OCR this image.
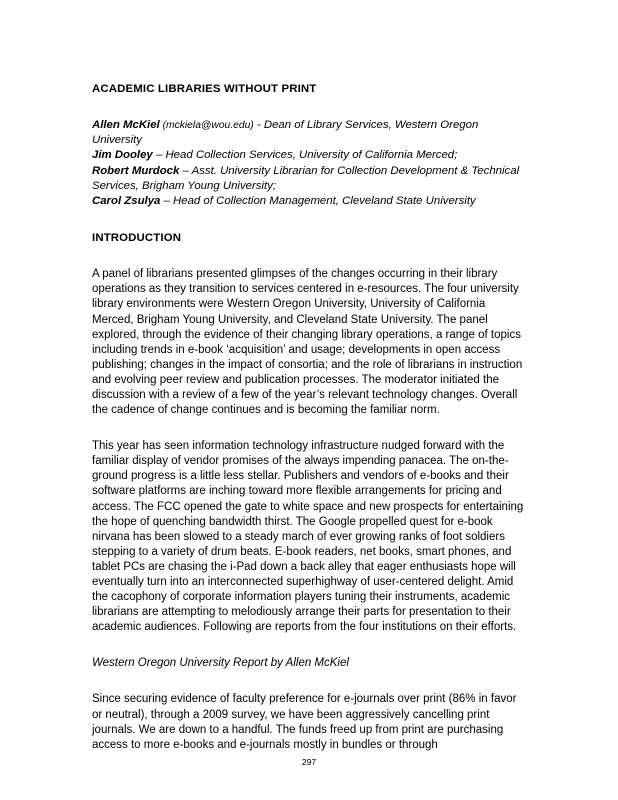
ACADEMIC LIBRARIES WITHOUT PRINT
Allen McKiel (mckiela@wou.edu) - Dean of Library Services, Western Oregon University
Jim Dooley – Head Collection Services, University of California Merced;
Robert Murdock – Asst. University Librarian for Collection Development & Technical Services, Brigham Young University;
Carol Zsulya – Head of Collection Management, Cleveland State University
INTRODUCTION

A panel of librarians presented glimpses of the changes occurring in their library operations as they transition to services centered in e-resources. The four university library environments were Western Oregon University, University of California Merced, Brigham Young University, and Cleveland State University. The panel explored, through the evidence of their changing library operations, a range of topics including trends in e-book ‘acquisition’ and usage; developments in open access publishing; changes in the impact of consortia; and the role of librarians in instruction and evolving peer review and publication processes. The moderator initiated the discussion with a review of a few of the year’s relevant technology changes. Overall the cadence of change continues and is becoming the familiar norm.

This year has seen information technology infrastructure nudged forward with the familiar display of vendor promises of the always impending panacea. The on-the-ground progress is a little less stellar. Publishers and vendors of e-books and their software platforms are inching toward more flexible arrangements for pricing and access. The FCC opened the gate to white space and new prospects for entertaining the hope of quenching bandwidth thirst. The Google propelled quest for e-book nirvana has been slowed to a steady march of ever growing ranks of foot soldiers stepping to a variety of drum beats. E-book readers, net books, smart phones, and tablet PCs are chasing the i-Pad down a back alley that eager enthusiasts hope will eventually turn into an interconnected superhighway of user-centered delight. Amid the cacophony of corporate information players tuning their instruments, academic librarians are attempting to melodiously arrange their parts for presentation to their academic audiences. Following are reports from the four institutions on their efforts.

Western Oregon University Report by Allen McKiel

Since securing evidence of faculty preference for e-journals over print (86% in favor or neutral), through a 2009 survey, we have been aggressively cancelling print journals. We are down to a handful. The funds freed up from print are purchasing access to more e-books and e-journals mostly in bundles or through

297
